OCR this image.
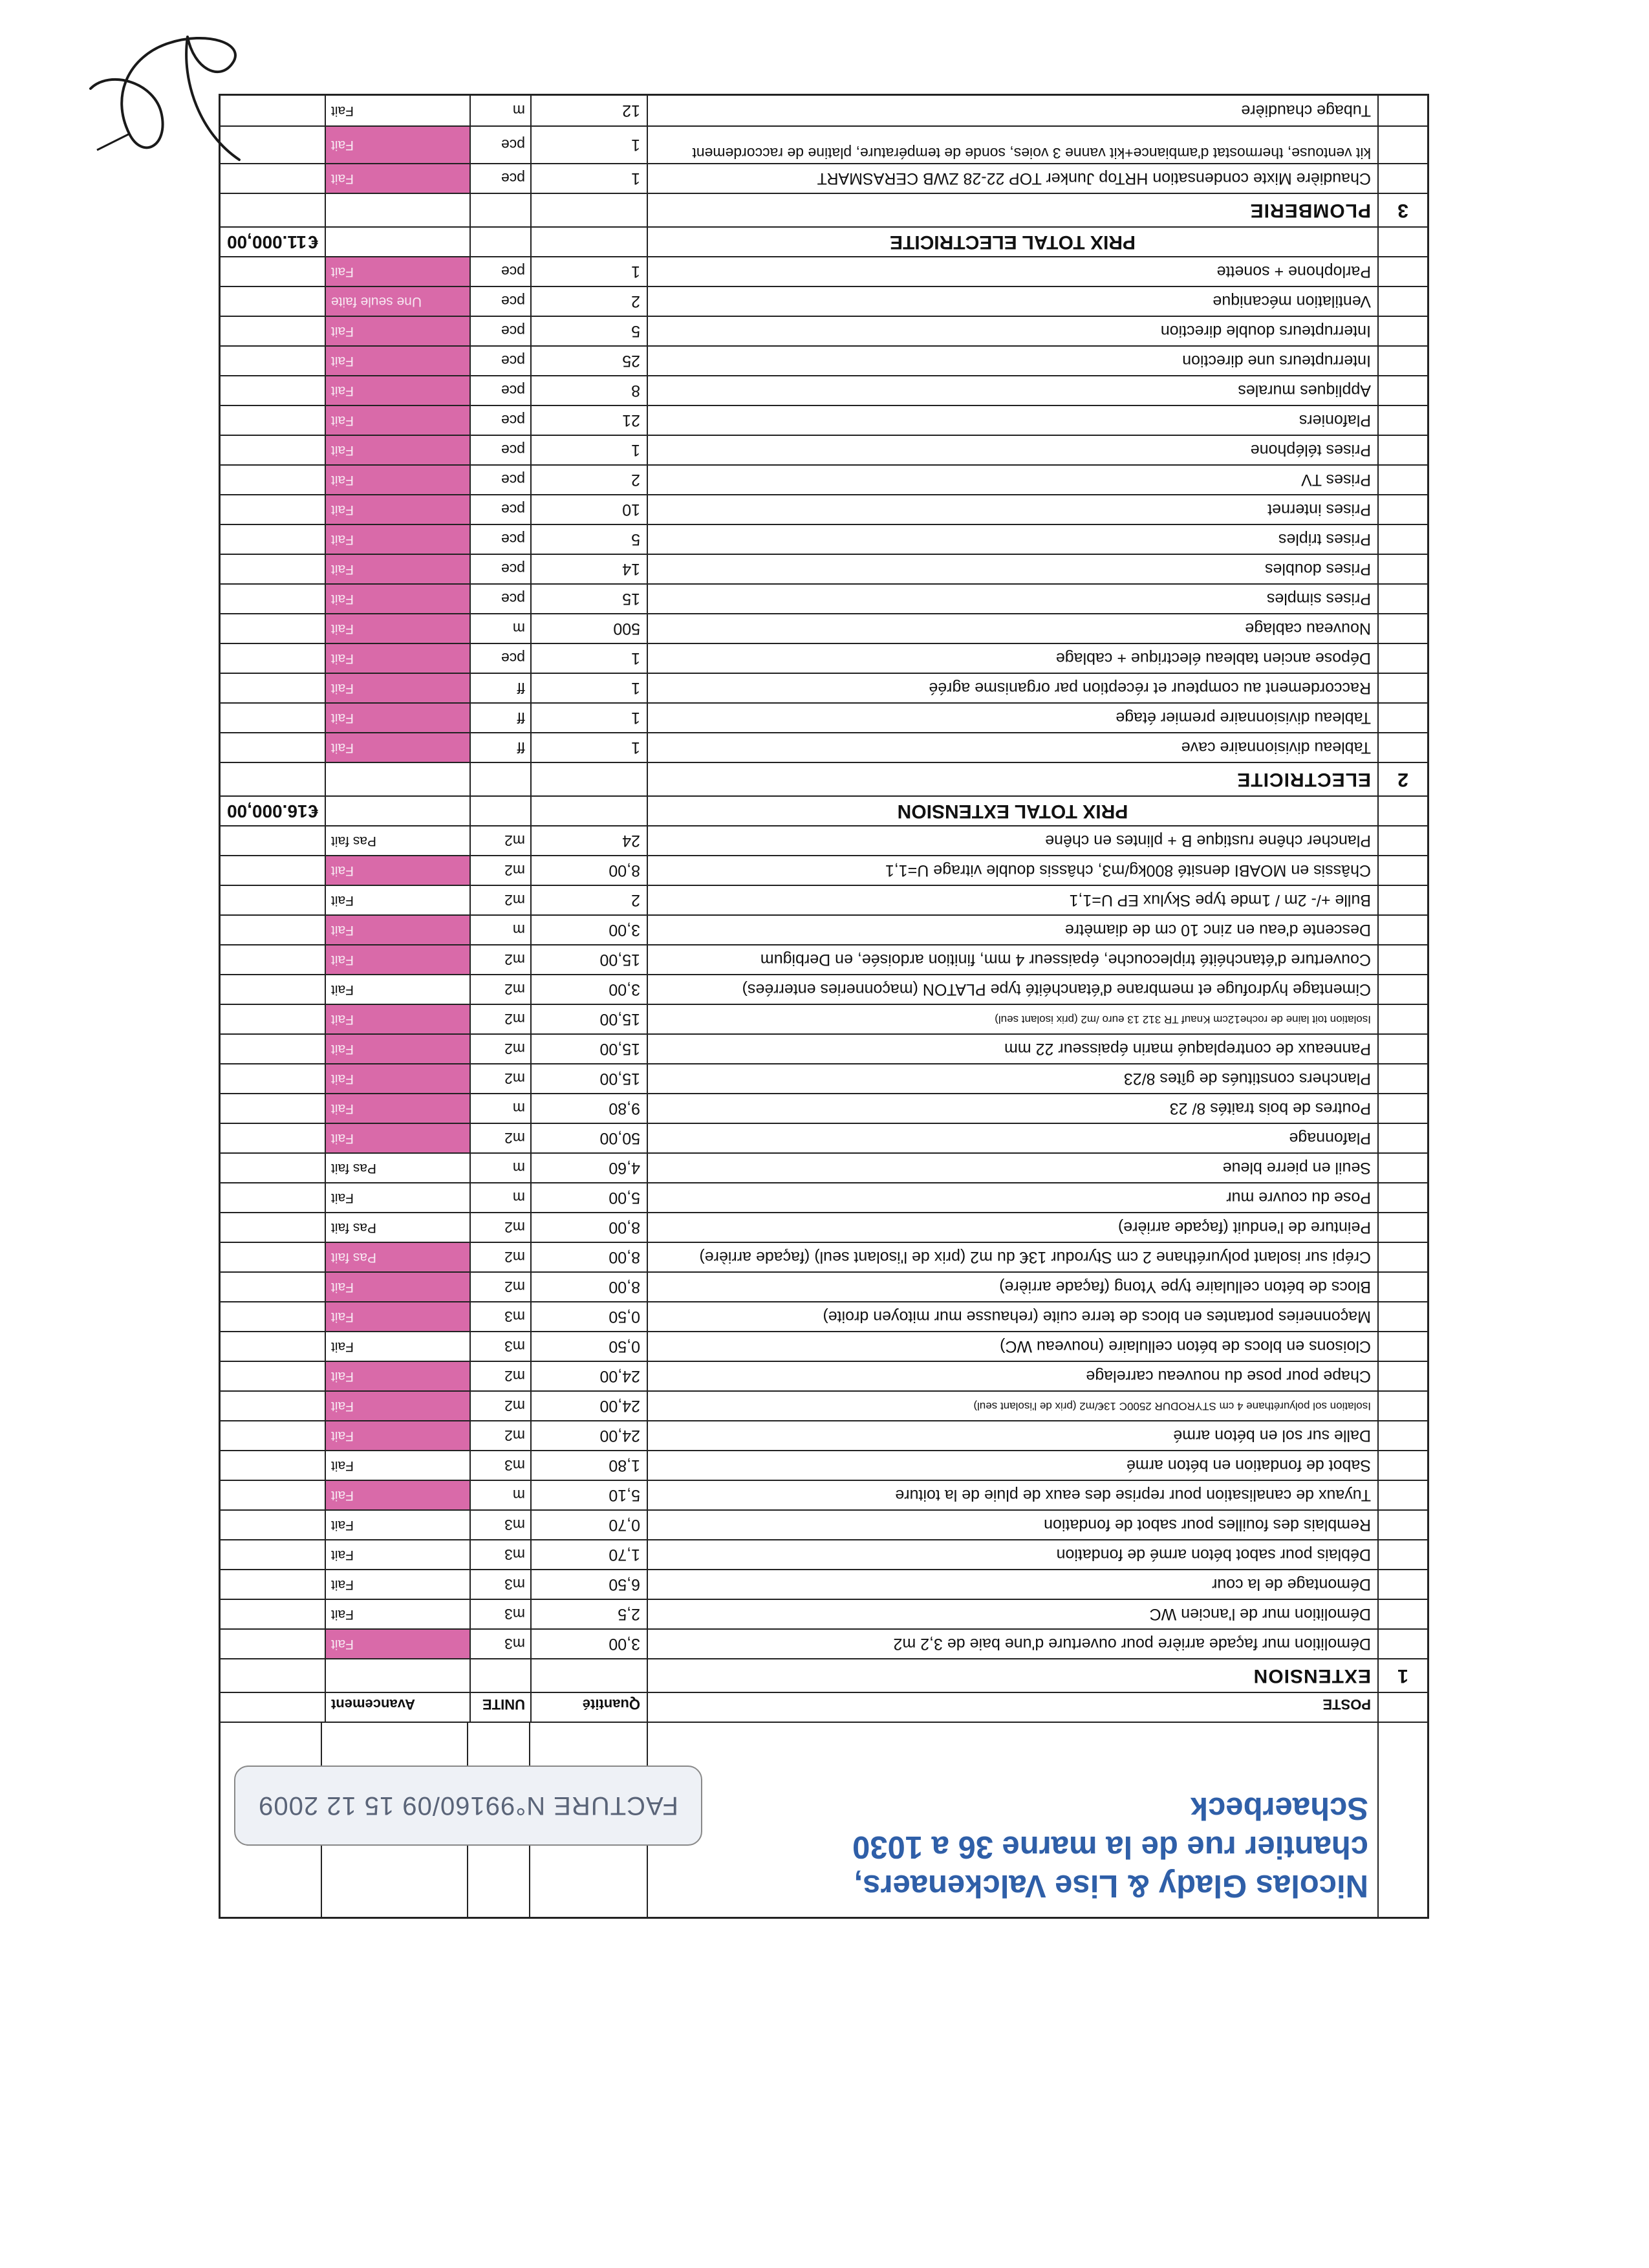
Nicolas Glady & Lise Valckenaers,
chantier rue de la marne 36 a 1030
Schaerbeck
FACTURE N°99160/09 15 12 2009
POSTE
Quantité
UNITE
Avancement
1
EXTENSION
Démolition mur façade arrière pour ouverture d'une baie de 3,2 m2
3,00
m3
Fait
Démolition mur de l'ancien WC
2,5
m3
Fait
Démontage de la cour
6,50
m3
Fait
Déblais pour sabot béton armé de fondation
1,70
m3
Fait
Remblais des fouilles pour sabot de fondation
0,70
m3
Fait
Tuyaux de canalisation pour reprise des eaux de pluie de la toiture
5,10
m
Fait
Sabot de fondation en béton armé
1,80
m3
Fait
Dalle sur sol en béton armé
24,00
m2
Fait
Isolation sol polyuréthane 4 cm STYRODUR 2500C 13€/m2 (prix de l'isolant seul)
24,00
m2
Fait
Chape pour pose du nouveau carrelage
24,00
m2
Fait
Cloisons en blocs de béton cellulaire (nouveau WC)
0,50
m3
Fait
Maçonneries portantes en blocs de terre cuite (rehausse mur mitoyen droite)
0,50
m3
Fait
Blocs de béton cellulaire type Ytong (façade arrière)
8,00
m2
Fait
Crépi sur isolant polyuréthane 2 cm Styrodur 13€ du m2 (prix de l'isolant seul) (façade arrière)
8,00
m2
Pas fait
Peinture de l'enduit (façade arrière)
8,00
m2
Pas fait
Pose du couvre mur
5,00
m
Fait
Seuil en pierre bleue
4,60
m
Pas fait
Plafonnage
50,00
m2
Fait
Poutres de bois traités 8/ 23
9,80
m
Fait
Planchers constitués de gîtes 8/23
15,00
m2
Fait
Panneaux de contreplaqué marin épaisseur 22 mm
15,00
m2
Fait
Isolation toit laine de roche12cm Knauf TR 312 13 euro /m2 (prix isolant seul)
15,00
m2
Fait
Cimentage hydrofuge et membrane d'étanchéité type PLATON (maçonneries enterrées)
3,00
m2
Fait
Couverture d'étanchéité triplecouche, épaisseur 4 mm, finition ardoisée, en Derbigum
15,00
m2
Fait
Descente d'eau en zinc 10 cm de diamètre
3,00
m
Fait
Bulle +/- 2m / 1mde type Skylux EP U=1,1
2
m2
Fait
Châssis en MOABI densité 800kg/m3, châssis double vitrage U=1,1
8,00
m2
Fait
Plancher chêne rustique B + plintes en chêne
24
m2
Pas fait
PRIX TOTAL EXTENSION
€
16.000,00
2
ELECTRICITE
Tableau divisionnaire cave
1
ff
Fait
Tableau divisionnaire premier étage
1
ff
Fait
Raccordement au compteur et réception par organisme agréé
1
ff
Fait
Dépose ancien tableau électrique + cablage
1
pce
Fait
Nouveau cablage
500
m
Fait
Prises simples
15
pce
Fait
Prises doubles
14
pce
Fait
Prises triples
5
pce
Fait
Prises internet
10
pce
Fait
Prises TV
2
pce
Fait
Prises téléphone
1
pce
Fait
Plafoniers
21
pce
Fait
Appliques murales
8
pce
Fait
Interrupteurs une direction
25
pce
Fait
Interrupteurs double direction
5
pce
Fait
Ventilation mécanique
2
pce
Une seule faite
Parlophone + sonette
1
pce
Fait
PRIX TOTAL ELECTRICITE
€
11.000,00
3
PLOMBERIE
Chaudière Mixte condensation HRTop Junker TOP 22-28 ZWB CERASMART
1
pce
Fait
kit ventouse, thermostat d'ambiance+kit vanne 3 voies, sonde de température, platine de raccordement
1
pce
Fait
Tubage chaudière
12
m
Fait
